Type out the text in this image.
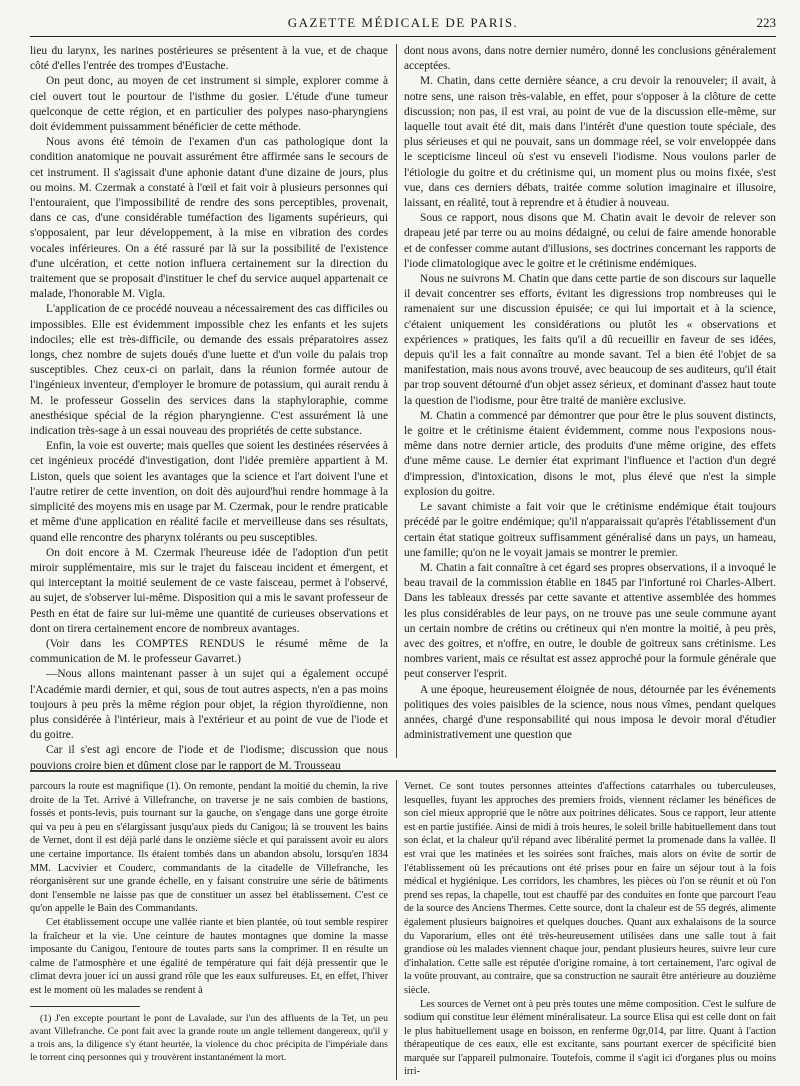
GAZETTE MÉDICALE DE PARIS.	223

lieu du larynx, les narines postérieures se présentent à la vue, et de chaque côté d'elles l'entrée des trompes d'Eustache.

On peut donc, au moyen de cet instrument si simple, explorer comme à ciel ouvert tout le pourtour de l'isthme du gosier. L'étude d'une tumeur quelconque de cette région, et en particulier des polypes naso-pharyngiens doit évidemment puissamment bénéficier de cette méthode.

Nous avons été témoin de l'examen d'un cas pathologique dont la condition anatomique ne pouvait assurément être affirmée sans le secours de cet instrument. Il s'agissait d'une aphonie datant d'une dizaine de jours, plus ou moins. M. Czermak a constaté à l'œil et fait voir à plusieurs personnes qui l'entouraient, que l'impossibilité de rendre des sons perceptibles, provenait, dans ce cas, d'une considérable tuméfaction des ligaments supérieurs, qui s'opposaient, par leur développement, à la mise en vibration des cordes vocales inférieures. On a été rassuré par là sur la possibilité de l'existence d'une ulcération, et cette notion influera certainement sur la direction du traitement que se proposait d'instituer le chef du service auquel appartenait ce malade, l'honorable M. Vigla.

L'application de ce procédé nouveau a nécessairement des cas difficiles ou impossibles. Elle est évidemment impossible chez les enfants et les sujets indociles; elle est très-difficile, ou demande des essais préparatoires assez longs, chez nombre de sujets doués d'une luette et d'un voile du palais trop susceptibles. Chez ceux-ci on parlait, dans la réunion formée autour de l'ingénieux inventeur, d'employer le bromure de potassium, qui aurait rendu à M. le professeur Gosselin des services dans la staphyloraphie, comme anesthésique spécial de la région pharyngienne. C'est assurément là une indication très-sage à un essai nouveau des propriétés de cette substance.

Enfin, la voie est ouverte; mais quelles que soient les destinées réservées à cet ingénieux procédé d'investigation, dont l'idée première appartient à M. Liston, quels que soient les avantages que la science et l'art doivent l'une et l'autre retirer de cette invention, on doit dès aujourd'hui rendre hommage à la simplicité des moyens mis en usage par M. Czermak, pour le rendre praticable et même d'une application en réalité facile et merveilleuse dans ses résultats, quand elle rencontre des pharynx tolérants ou peu susceptibles.

On doit encore à M. Czermak l'heureuse idée de l'adoption d'un petit miroir supplémentaire, mis sur le trajet du faisceau incident et émergent, et qui interceptant la moitié seulement de ce vaste faisceau, permet à l'observé, au sujet, de s'observer lui-même. Disposition qui a mis le savant professeur de Pesth en état de faire sur lui-même une quantité de curieuses observations et dont on tirera certainement encore de nombreux avantages.

(Voir dans les COMPTES RENDUS le résumé même de la communication de M. le professeur Gavarret.)

—Nous allons maintenant passer à un sujet qui a également occupé l'Académie mardi dernier, et qui, sous de tout autres aspects, n'en a pas moins toujours à peu près la même région pour objet, la région thyroïdienne, non plus considérée à l'intérieur, mais à l'extérieur et au point de vue de l'iode et du goitre.

Car il s'est agi encore de l'iode et de l'iodisme; discussion que nous pouvions croire bien et dûment close par le rapport de M. Trousseau

dont nous avons, dans notre dernier numéro, donné les conclusions généralement acceptées.

M. Chatin, dans cette dernière séance, a cru devoir la renouveler; il avait, à notre sens, une raison très-valable, en effet, pour s'opposer à la clôture de cette discussion; non pas, il est vrai, au point de vue de la discussion elle-même, sur laquelle tout avait été dit, mais dans l'intérêt d'une question toute spéciale, des plus sérieuses et qui ne pouvait, sans un dommage réel, se voir enveloppée dans le scepticisme linceul où s'est vu enseveli l'iodisme. Nous voulons parler de l'étiologie du goitre et du crétinisme qui, un moment plus ou moins fixée, s'est vue, dans ces derniers débats, traitée comme solution imaginaire et illusoire, laissant, en réalité, tout à reprendre et à étudier à nouveau.

Sous ce rapport, nous disons que M. Chatin avait le devoir de relever son drapeau jeté par terre ou au moins dédaigné, ou celui de faire amende honorable et de confesser comme autant d'illusions, ses doctrines concernant les rapports de l'iode climatologique avec le goitre et le crétinisme endémiques.

Nous ne suivrons M. Chatin que dans cette partie de son discours sur laquelle il devait concentrer ses efforts, évitant les digressions trop nombreuses qui le ramenaient sur une discussion épuisée; ce qui lui importait et à la science, c'étaient uniquement les considérations ou plutôt les « observations et expériences » pratiques, les faits qu'il a dû recueillir en faveur de ses idées, depuis qu'il les a fait connaître au monde savant. Tel a bien été l'objet de sa manifestation, mais nous avons trouvé, avec beaucoup de ses auditeurs, qu'il était par trop souvent détourné d'un objet assez sérieux, et dominant d'assez haut toute la question de l'iodisme, pour être traité de manière exclusive.

M. Chatin a commencé par démontrer que pour être le plus souvent distincts, le goitre et le crétinisme étaient évidemment, comme nous l'exposions nous-même dans notre dernier article, des produits d'une même origine, des effets d'une même cause. Le dernier état exprimant l'influence et l'action d'un degré d'impression, d'intoxication, disons le mot, plus élevé que n'est la simple explosion du goitre.

Le savant chimiste a fait voir que le crétinisme endémique était toujours précédé par le goitre endémique; qu'il n'apparaissait qu'après l'établissement d'un certain état statique goitreux suffisamment généralisé dans un pays, un hameau, une famille; qu'on ne le voyait jamais se montrer le premier.

M. Chatin a fait connaître à cet égard ses propres observations, il a invoqué le beau travail de la commission établie en 1845 par l'infortuné roi Charles-Albert. Dans les tableaux dressés par cette savante et attentive assemblée des hommes les plus considérables de leur pays, on ne trouve pas une seule commune ayant un certain nombre de crétins ou crétineux qui n'en montre la moitié, à peu près, avec des goitres, et n'offre, en outre, le double de goitreux sans crétinisme. Les nombres varient, mais ce résultat est assez approché pour la formule générale que peut conserver l'esprit.

A une époque, heureusement éloignée de nous, détournée par les événements politiques des voies paisibles de la science, nous nous vîmes, pendant quelques années, chargé d'une responsabilité qui nous imposa le devoir moral d'étudier administrativement une question que

parcours la route est magnifique (1). On remonte, pendant la moitié du chemin, la rive droite de la Tet. Arrivé à Villefranche, on traverse je ne sais combien de bastions, fossés et ponts-levis, puis tournant sur la gauche, on s'engage dans une gorge étroite qui va peu à peu en s'élargissant jusqu'aux pieds du Canigou; là se trouvent les bains de Vernet, dont il est déjà parlé dans le onzième siècle et qui paraissent avoir eu alors une certaine importance. Ils étaient tombés dans un abandon absolu, lorsqu'en 1834 MM. Lacvivier et Couderc, commandants de la citadelle de Villefranche, les réorganisèrent sur une grande échelle, en y faisant construire une série de bâtiments dont l'ensemble ne laisse pas que de constituer un assez bel établissement. C'est ce qu'on appelle le Bain des Commandants.

Cet établissement occupe une vallée riante et bien plantée, où tout semble respirer la fraîcheur et la vie. Une ceinture de hautes montagnes que domine la masse imposante du Canigou, l'entoure de toutes parts sans la comprimer. Il en résulte un calme de l'atmosphère et une égalité de température qui fait déjà pressentir que le climat devra jouer ici un aussi grand rôle que les eaux sulfureuses. Et, en effet, l'hiver est le moment où les malades se rendent à

(1) J'en excepte pourtant le pont de Lavalade, sur l'un des affluents de la Tet, un peu avant Villefranche. Ce pont fait avec la grande route un angle tellement dangereux, qu'il y a trois ans, la diligence s'y étant heurtée, la violence du choc précipita de l'impériale dans le torrent cinq personnes qui y trouvèrent instantanément la mort.

Vernet. Ce sont toutes personnes atteintes d'affections catarrhales ou tuberculeuses, lesquelles, fuyant les approches des premiers froids, viennent réclamer les bénéfices de son ciel mieux approprié que le nôtre aux poitrines délicates. Sous ce rapport, leur attente est en partie justifiée. Ainsi de midi à trois heures, le soleil brille habituellement dans tout son éclat, et la chaleur qu'il répand avec libéralité permet la promenade dans la vallée. Il est vrai que les matinées et les soirées sont fraîches, mais alors on évite de sortir de l'établissement où les précautions ont été prises pour en faire un séjour tout à la fois médical et hygiénique. Les corridors, les chambres, les pièces où l'on se réunit et où l'on prend ses repas, la chapelle, tout est chauffé par des conduites en fonte que parcourt l'eau de la source des Anciens Thermes. Cette source, dont la chaleur est de 55 degrés, alimente également plusieurs baignoires et quelques douches. Quant aux exhalaisons de la source du Vaporarium, elles ont été très-heureusement utilisées dans une salle tout à fait grandiose où les malades viennent chaque jour, pendant plusieurs heures, suivre leur cure d'inhalation. Cette salle est réputée d'origine romaine, à tort certainement, l'arc ogival de la voûte prouvant, au contraire, que sa construction ne saurait être antérieure au douzième siècle.

Les sources de Vernet ont à peu près toutes une même composition. C'est le sulfure de sodium qui constitue leur élément minéralisateur. La source Elisa qui est celle dont on fait le plus habituellement usage en boisson, en renferme 0gr,014, par litre. Quant à l'action thérapeutique de ces eaux, elle est excitante, sans pourtant exercer de spécificité bien marquée sur l'appareil pulmonaire. Toutefois, comme il s'agit ici d'organes plus ou moins irri-
